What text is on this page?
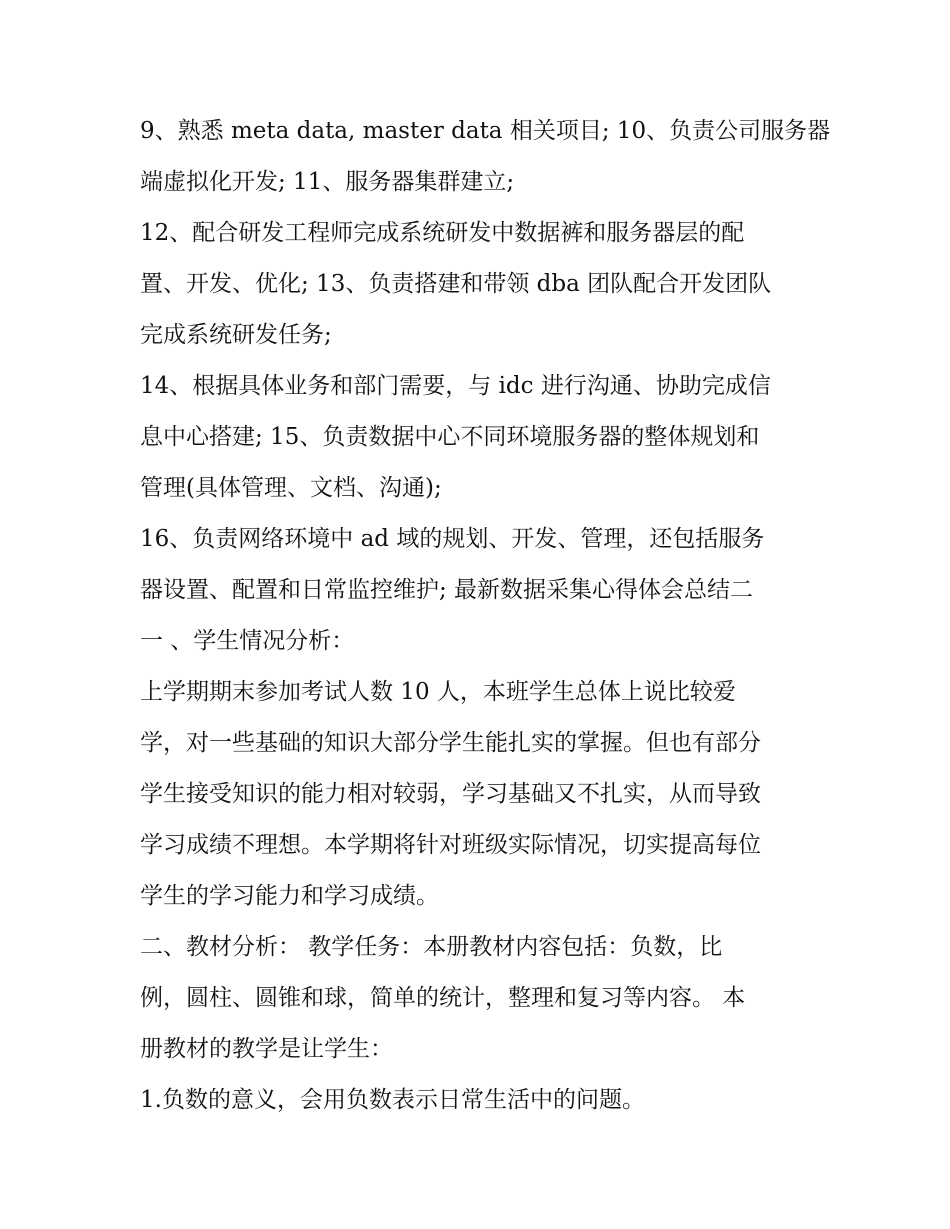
9、熟悉 meta data, master data 相关项目; 10、负责公司服务器
端虚拟化开发; 11、服务器集群建立;
12、配合研发工程师完成系统研发中数据裤和服务器层的配
置、开发、优化; 13、负责搭建和带领 dba 团队配合开发团队
完成系统研发任务;
14、根据具体业务和部门需要，与 idc 进行沟通、协助完成信
息中心搭建; 15、负责数据中心不同环境服务器的整体规划和
管理(具体管理、文档、沟通);
16、负责网络环境中 ad 域的规划、开发、管理，还包括服务
器设置、配置和日常监控维护; 最新数据采集心得体会总结二
一 、学生情况分析：
上学期期末参加考试人数 10 人，本班学生总体上说比较爱
学，对一些基础的知识大部分学生能扎实的掌握。但也有部分
学生接受知识的能力相对较弱，学习基础又不扎实，从而导致
学习成绩不理想。本学期将针对班级实际情况，切实提高每位
学生的学习能力和学习成绩。
二、教材分析： 教学任务：本册教材内容包括：负数，比
例，圆柱、圆锥和球，简单的统计，整理和复习等内容。 本
册教材的教学是让学生：
1.负数的意义，会用负数表示日常生活中的问题。
